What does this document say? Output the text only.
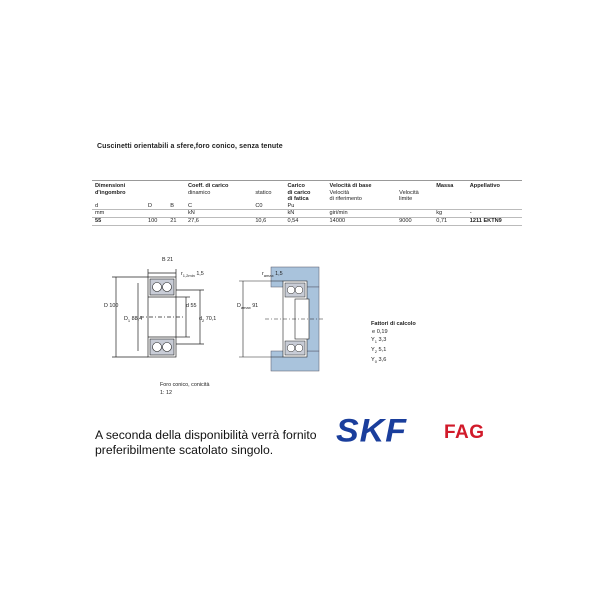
Cuscinetti orientabili a sfere,foro conico, senza tenute
Dimensioni			Coeff. di carico		Carico	Velocità di base		Massa	Appellativo
d'ingombro			dinamico	statico	di carico	Velocità	Velocità		
					di fatica	di riferimento	limite		
d	D	B	C	C0	Pu				
mm			kN		kN	giri/min		kg	-
55	100	21	27,6	10,6	0,54	14000	9000	0,71	1211 EKTN9
B 21
$r_{1,2min}$ 1,5
D 100
$D_1$ 88,4
d 55
$d_2$ 70,1
$r_{amax}$ 1,5
$D_{amax}$ 91
Fattori di calcolo
e 0,19
$Y_1$ 3,3
$Y_2$ 5,1
$Y_0$ 3,6
Foro conico, conicità
1: 12
A seconda della disponibilità verrà fornito
preferibilmente scatolato singolo.
SKF FAG
